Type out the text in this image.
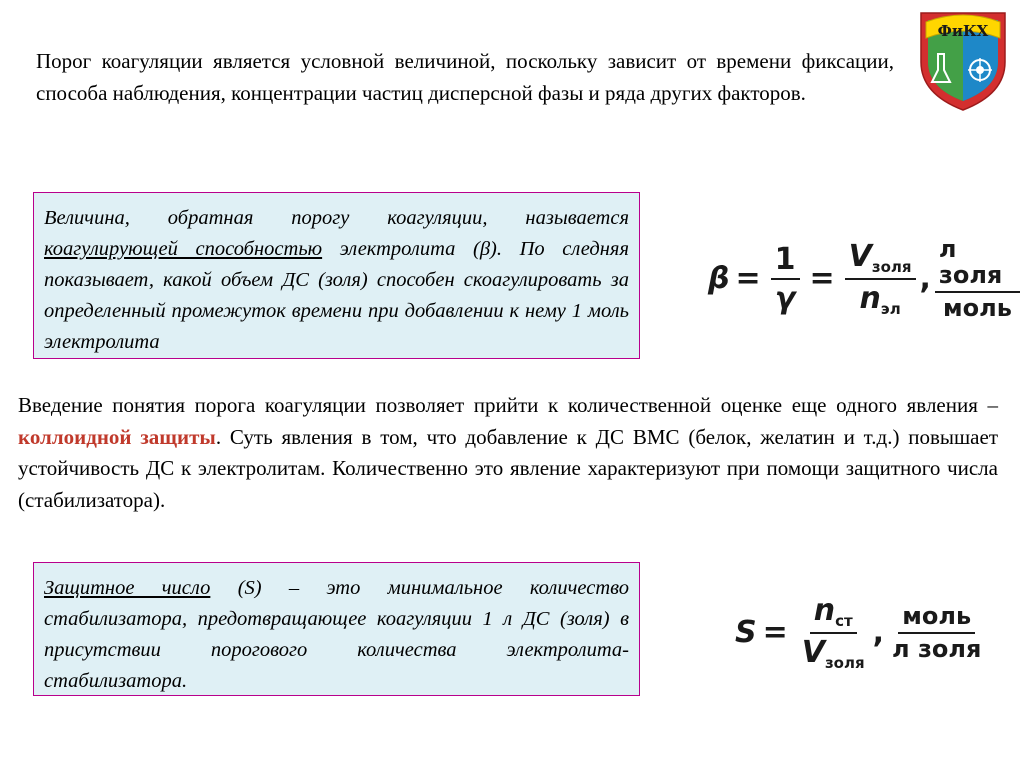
Порог коагуляции является условной величиной, поскольку зависит от времени фиксации, способа наблюдения, концентрации частиц дисперсной фазы и ряда других факторов.
Величина, обратная порогу коагуляции, называется коагулирующей способностью электролита (β). По следняя показывает, какой объем ДС (золя) способен скоагулировать за определенный промежуток времени при добавлении к нему 1 моль электролита
$\beta = \frac{1}{\gamma} = \frac{V_{золя}}{n_{эл}}$ , $\frac{\text{л золя}}{\text{моль}}$
Введение понятия порога коагуляции позволяет прийти к количественной оценке еще одного явления – коллоидной защиты. Суть явления в том, что добавление к ДС ВМС (белок, желатин и т.д.) повышает устойчивость ДС к электролитам. Количественно это явление характеризуют при помощи защитного числа (стабилизатора).
Защитное число (S) – это минимальное количество стабилизатора, предотвращающее коагуляции 1 л ДС (золя) в присутствии порогового количества электролита-стабилизатора.
$S = \frac{n_{ст}}{V_{золя}}$ , $\frac{\text{моль}}{\text{л золя}}$
ФиКХ
